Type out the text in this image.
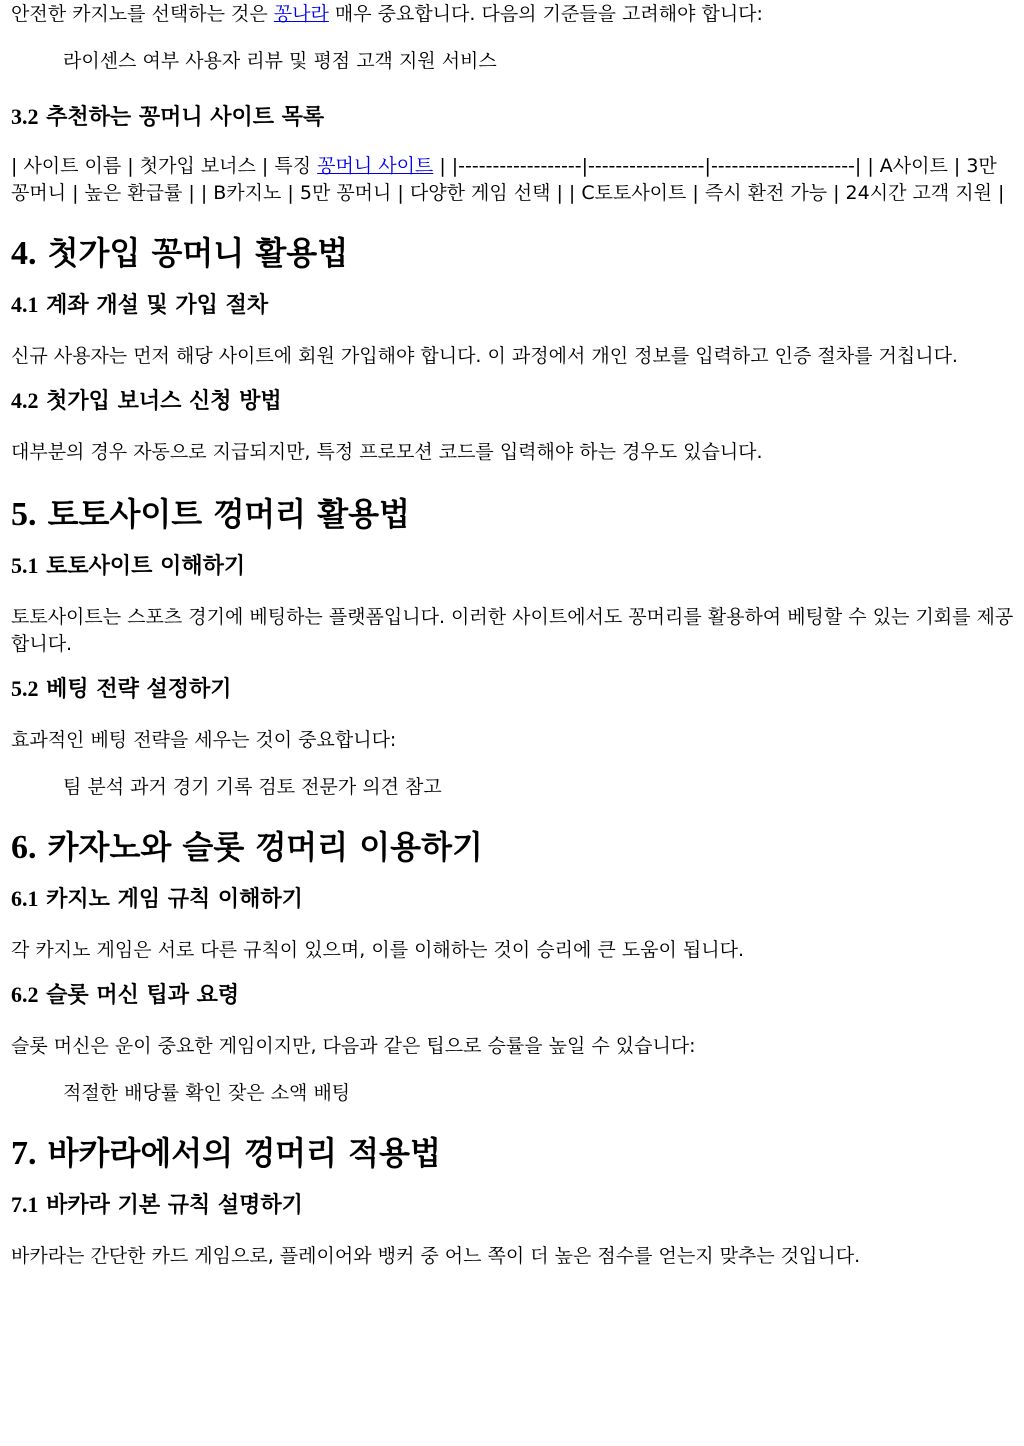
안전한 카지노를 선택하는 것은 꽁나라 매우 중요합니다. 다음의 기준들을 고려해야 합니다:

라이센스 여부 사용자 리뷰 및 평점 고객 지원 서비스

3.2 추천하는 꽁머니 사이트 목록

| 사이트 이름 | 첫가입 보너스 | 특징 꽁머니 사이트 | |------------------|-----------------|---------------------| | A사이트 | 3만 꽁머니 | 높은 환급률 | | B카지노 | 5만 꽁머니 | 다양한 게임 선택 | | C토토사이트 | 즉시 환전 가능 | 24시간 고객 지원 |

4. 첫가입 꽁머니 활용법
4.1 계좌 개설 및 가입 절차

신규 사용자는 먼저 해당 사이트에 회원 가입해야 합니다. 이 과정에서 개인 정보를 입력하고 인증 절차를 거칩니다.

4.2 첫가입 보너스 신청 방법

대부분의 경우 자동으로 지급되지만, 특정 프로모션 코드를 입력해야 하는 경우도 있습니다.

5. 토토사이트 껑머리 활용법
5.1 토토사이트 이해하기

토토사이트는 스포츠 경기에 베팅하는 플랫폼입니다. 이러한 사이트에서도 꽁머리를 활용하여 베팅할 수 있는 기회를 제공합니다.

5.2 베팅 전략 설정하기

효과적인 베팅 전략을 세우는 것이 중요합니다:

팀 분석 과거 경기 기록 검토 전문가 의견 참고

6. 카자노와 슬롯 껑머리 이용하기
6.1 카지노 게임 규칙 이해하기

각 카지노 게임은 서로 다른 규칙이 있으며, 이를 이해하는 것이 승리에 큰 도움이 됩니다.

6.2 슬롯 머신 팁과 요령

슬롯 머신은 운이 중요한 게임이지만, 다음과 같은 팁으로 승률을 높일 수 있습니다:

적절한 배당률 확인 잦은 소액 배팅

7. 바카라에서의 껑머리 적용법
7.1 바카라 기본 규칙 설명하기

바카라는 간단한 카드 게임으로, 플레이어와 뱅커 중 어느 쪽이 더 높은 점수를 얻는지 맞추는 것입니다.
